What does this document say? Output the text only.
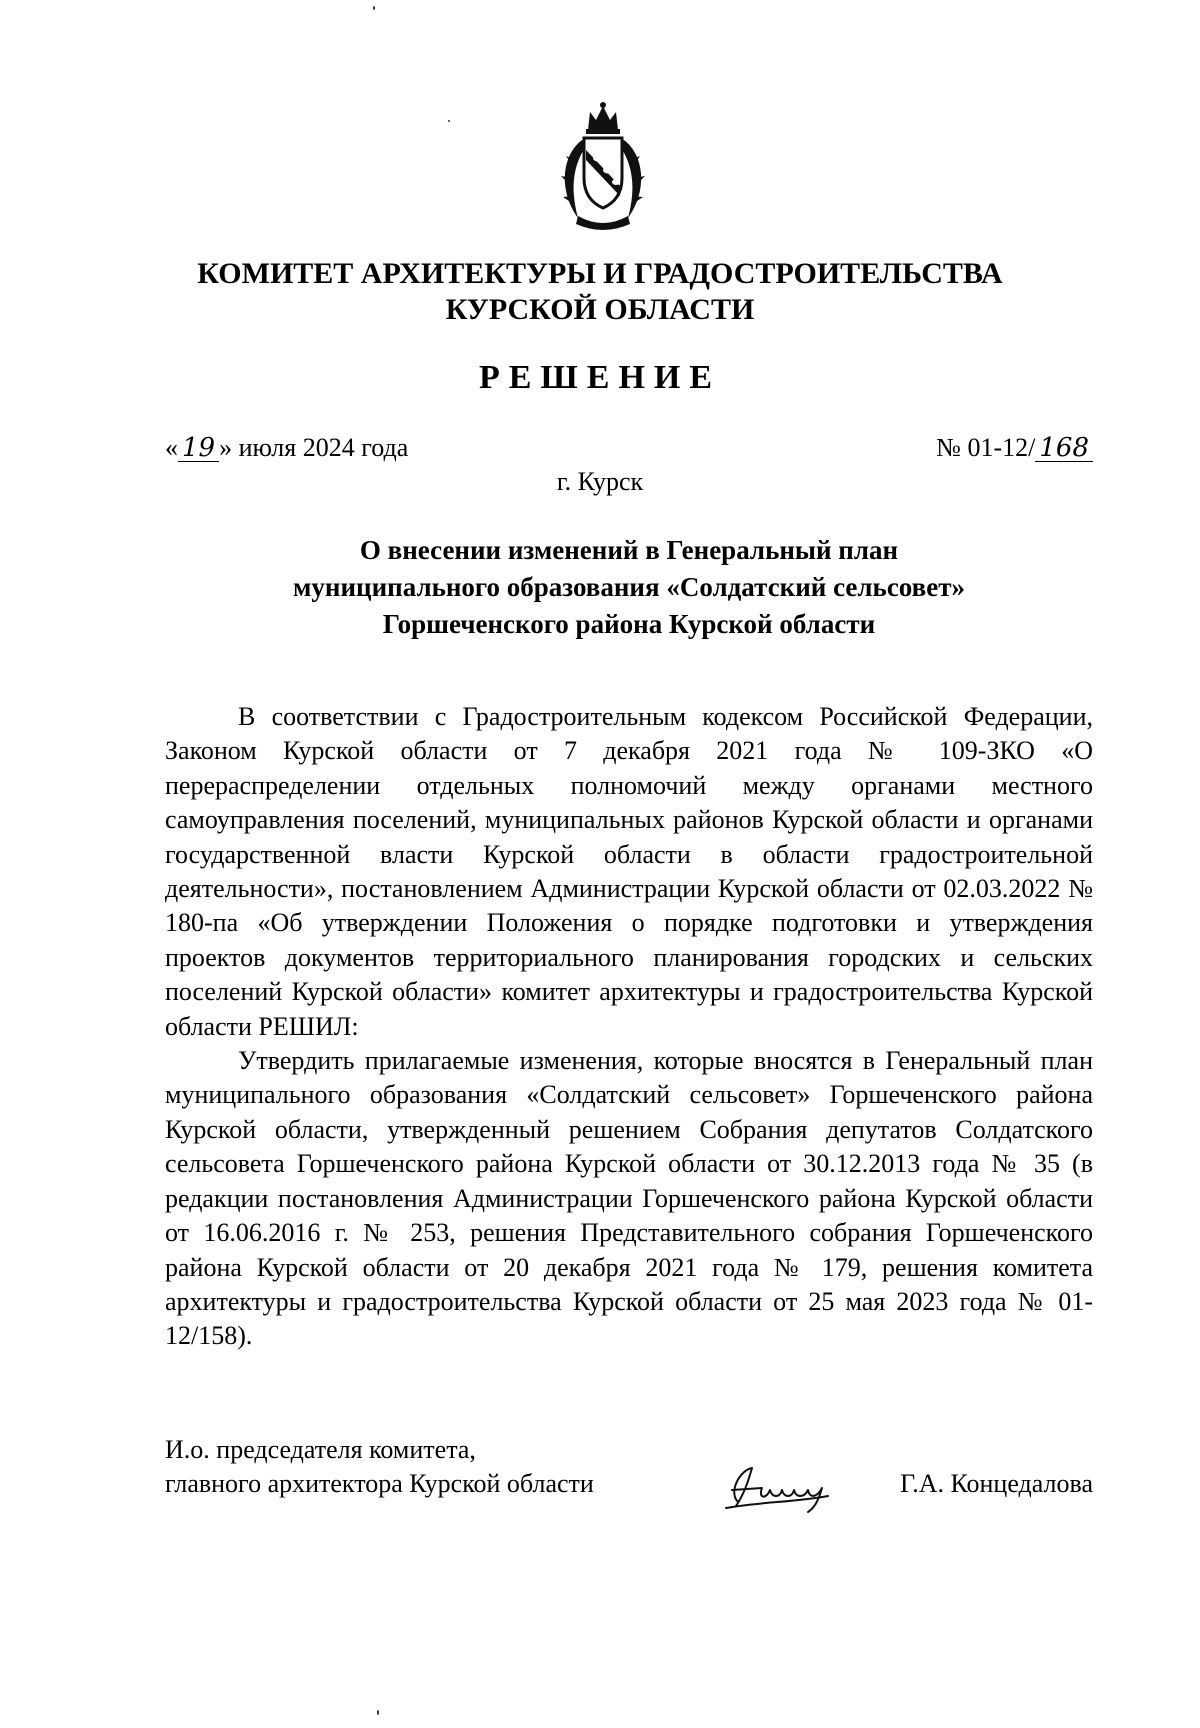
КОМИТЕТ АРХИТЕКТУРЫ И ГРАДОСТРОИТЕЛЬСТВА
КУРСКОЙ ОБЛАСТИ
РЕШЕНИЕ
« 19 » июля 2024 года	№ 01-12/ 168
г. Курск
О внесении изменений в Генеральный план
муниципального образования «Солдатский сельсовет»
Горшеченского района Курской области

В соответствии с Градостроительным кодексом Российской Федерации, Законом Курской области от 7 декабря 2021 года № 109-ЗКО «О перераспределении отдельных полномочий между органами местного самоуправления поселений, муниципальных районов Курской области и органами государственной власти Курской области в области градостроительной деятельности», постановлением Администрации Курской области от 02.03.2022 № 180-па «Об утверждении Положения о порядке подготовки и утверждения проектов документов территориального планирования городских и сельских поселений Курской области» комитет архитектуры и градостроительства Курской области РЕШИЛ:

Утвердить прилагаемые изменения, которые вносятся в Генеральный план муниципального образования «Солдатский сельсовет» Горшеченского района Курской области, утвержденный решением Собрания депутатов Солдатского сельсовета Горшеченского района Курской области от 30.12.2013 года № 35 (в редакции постановления Администрации Горшеченского района Курской области от 16.06.2016 г. № 253, решения Представительного собрания Горшеченского района Курской области от 20 декабря 2021 года № 179, решения комитета архитектуры и градостроительства Курской области от 25 мая 2023 года № 01-12/158).

И.о. председателя комитета,
главного архитектора Курской области	Г.А. Концедалова
